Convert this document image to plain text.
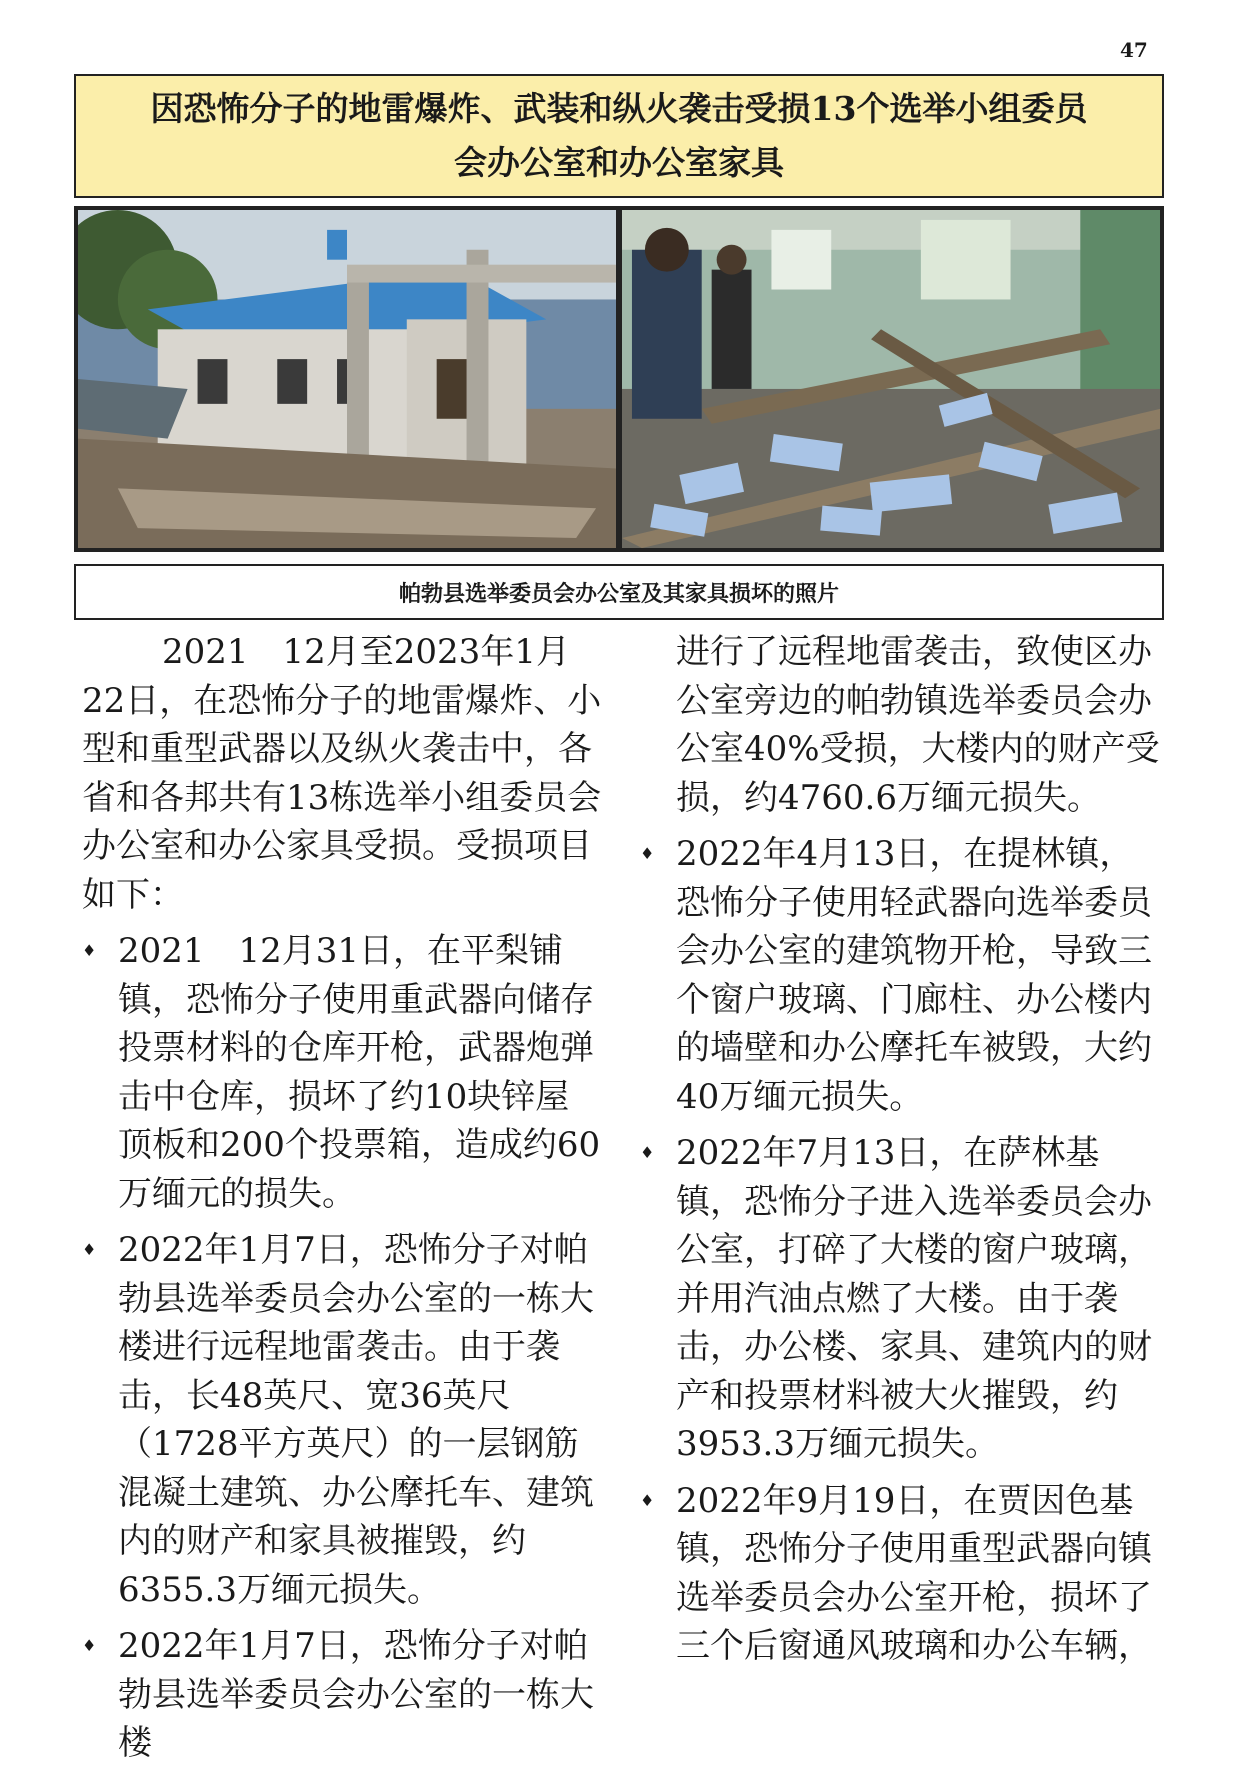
47
因恐怖分子的地雷爆炸、武装和纵火袭击受损13个选举小组委员
会办公室和办公室家具
帕勃县选举委员会办公室及其家具损坏的照片

2021　12月至2023年1月22日，在恐怖分子的地雷爆炸、小型和重型武器以及纵火袭击中，各省和各邦共有13栋选举小组委员会办公室和办公家具受损。受损项目如下：

♦ 2021　12月31日，在平梨铺镇，恐怖分子使用重武器向储存投票材料的仓库开枪，武器炮弹击中仓库，损坏了约10块锌屋顶板和200个投票箱，造成约60万缅元的损失。

♦ 2022年1月7日，恐怖分子对帕勃县选举委员会办公室的一栋大楼进行远程地雷袭击。由于袭击，长48英尺、宽36英尺（1728平方英尺）的一层钢筋混凝土建筑、办公摩托车、建筑内的财产和家具被摧毁，约6355.3万缅元损失。

♦ 2022年1月7日，恐怖分子对帕勃县选举委员会办公室的一栋大楼

进行了远程地雷袭击，致使区办公室旁边的帕勃镇选举委员会办公室40%受损，大楼内的财产受损，约4760.6万缅元损失。

♦ 2022年4月13日，在提林镇，恐怖分子使用轻武器向选举委员会办公室的建筑物开枪，导致三个窗户玻璃、门廊柱、办公楼内的墙壁和办公摩托车被毁，大约40万缅元损失。

♦ 2022年7月13日，在萨林基镇，恐怖分子进入选举委员会办公室，打碎了大楼的窗户玻璃，并用汽油点燃了大楼。由于袭击，办公楼、家具、建筑内的财产和投票材料被大火摧毁，约3953.3万缅元损失。

♦ 2022年9月19日，在贾因色基镇，恐怖分子使用重型武器向镇选举委员会办公室开枪，损坏了三个后窗通风玻璃和办公车辆，
